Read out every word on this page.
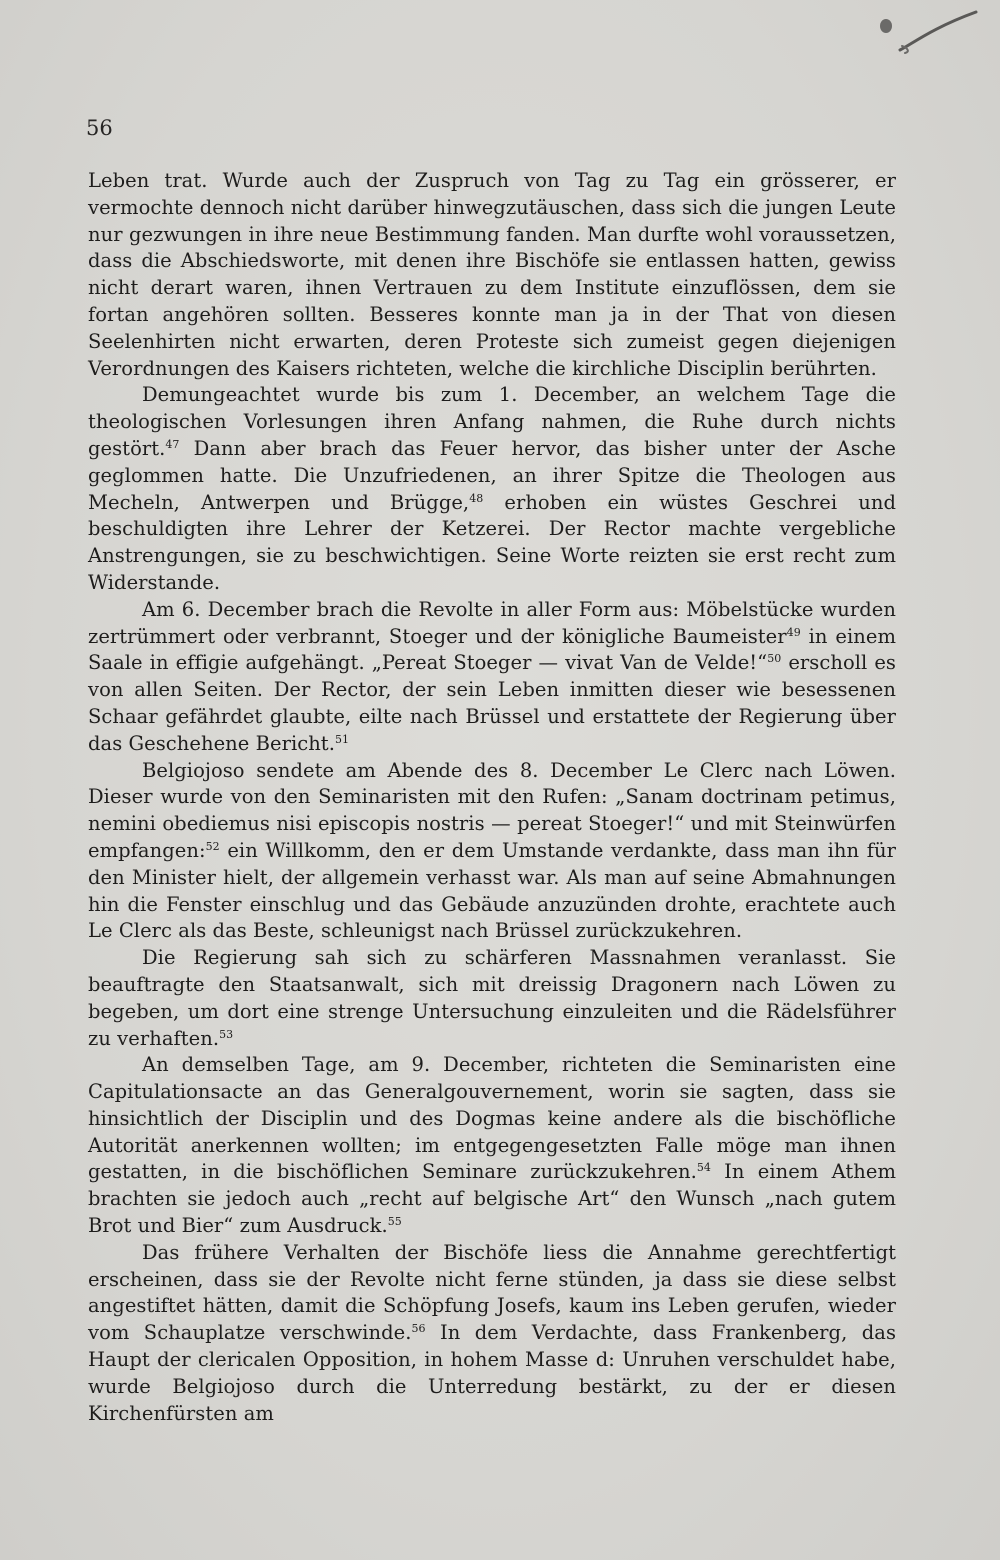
56

Leben trat. Wurde auch der Zuspruch von Tag zu Tag ein grösserer, er vermochte dennoch nicht darüber hinwegzutäuschen, dass sich die jungen Leute nur gezwungen in ihre neue Bestimmung fanden. Man durfte wohl voraussetzen, dass die Abschiedsworte, mit denen ihre Bischöfe sie entlassen hatten, gewiss nicht derart waren, ihnen Vertrauen zu dem Institute einzuflössen, dem sie fortan angehören sollten. Besseres konnte man ja in der That von diesen Seelenhirten nicht erwarten, deren Proteste sich zumeist gegen diejenigen Verordnungen des Kaisers richteten, welche die kirchliche Disciplin berührten.

Demungeachtet wurde bis zum 1. December, an welchem Tage die theologischen Vorlesungen ihren Anfang nahmen, die Ruhe durch nichts gestört.$^{47}$ Dann aber brach das Feuer hervor, das bisher unter der Asche geglommen hatte. Die Unzufriedenen, an ihrer Spitze die Theologen aus Mecheln, Antwerpen und Brügge,$^{48}$ erhoben ein wüstes Geschrei und beschuldigten ihre Lehrer der Ketzerei. Der Rector machte vergebliche Anstrengungen, sie zu beschwichtigen. Seine Worte reizten sie erst recht zum Widerstande.

Am 6. December brach die Revolte in aller Form aus: Möbelstücke wurden zertrümmert oder verbrannt, Stoeger und der königliche Baumeister$^{49}$ in einem Saale in effigie aufgehängt. „Pereat Stoeger — vivat Van de Velde!“$^{50}$ erscholl es von allen Seiten. Der Rector, der sein Leben inmitten dieser wie besessenen Schaar gefährdet glaubte, eilte nach Brüssel und erstattete der Regierung über das Geschehene Bericht.$^{51}$

Belgiojoso sendete am Abende des 8. December Le Clerc nach Löwen. Dieser wurde von den Seminaristen mit den Rufen: „Sanam doctrinam petimus, nemini obediemus nisi episcopis nostris — pereat Stoeger!“ und mit Steinwürfen empfangen:$^{52}$ ein Willkomm, den er dem Umstande verdankte, dass man ihn für den Minister hielt, der allgemein verhasst war. Als man auf seine Abmahnungen hin die Fenster einschlug und das Gebäude anzuzünden drohte, erachtete auch Le Clerc als das Beste, schleunigst nach Brüssel zurückzukehren.

Die Regierung sah sich zu schärferen Massnahmen veranlasst. Sie beauftragte den Staatsanwalt, sich mit dreissig Dragonern nach Löwen zu begeben, um dort eine strenge Untersuchung einzuleiten und die Rädelsführer zu verhaften.$^{53}$

An demselben Tage, am 9. December, richteten die Seminaristen eine Capitulationsacte an das Generalgouvernement, worin sie sagten, dass sie hinsichtlich der Disciplin und des Dogmas keine andere als die bischöfliche Autorität anerkennen wollten; im entgegengesetzten Falle möge man ihnen gestatten, in die bischöflichen Seminare zurückzukehren.$^{54}$ In einem Athem brachten sie jedoch auch „recht auf belgische Art“ den Wunsch „nach gutem Brot und Bier“ zum Ausdruck.$^{55}$

Das frühere Verhalten der Bischöfe liess die Annahme gerechtfertigt erscheinen, dass sie der Revolte nicht ferne stünden, ja dass sie diese selbst angestiftet hätten, damit die Schöpfung Josefs, kaum ins Leben gerufen, wieder vom Schauplatze verschwinde.$^{56}$ In dem Verdachte, dass Frankenberg, das Haupt der clericalen Opposition, in hohem Masse d: Unruhen verschuldet habe, wurde Belgiojoso durch die Unterredung bestärkt, zu der er diesen Kirchenfürsten am
